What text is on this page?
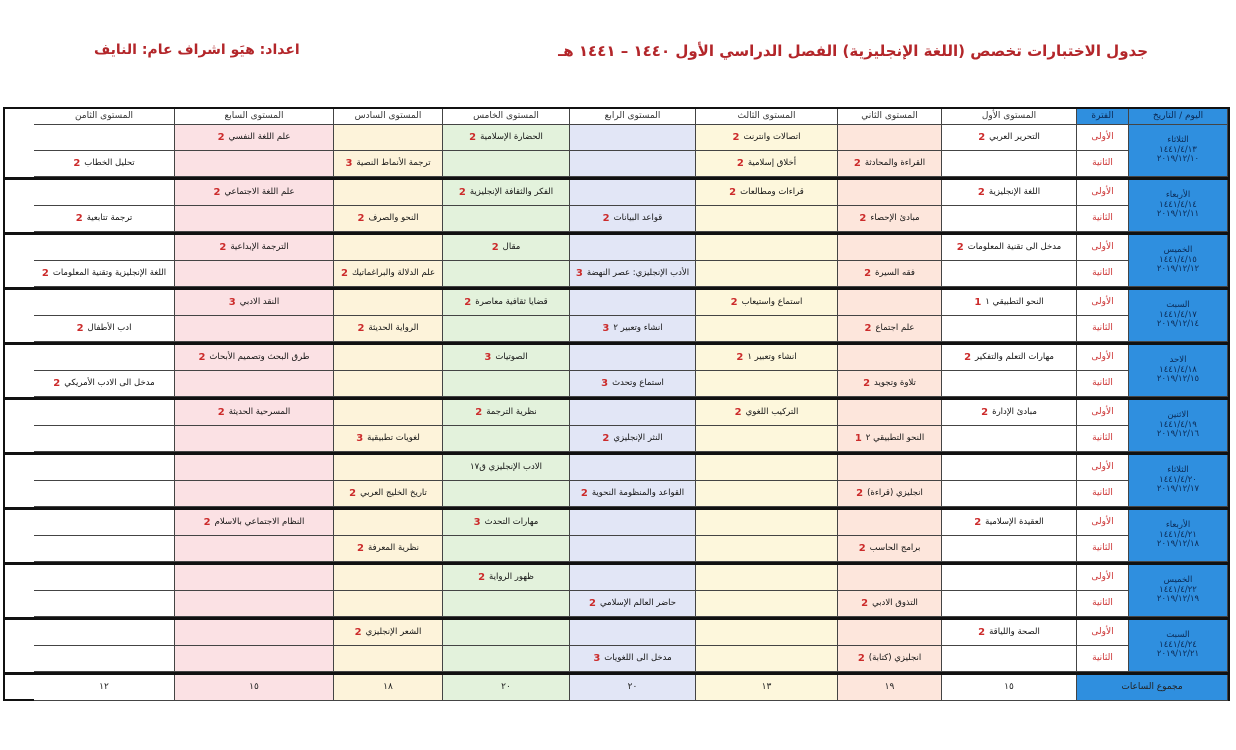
اعداد: هيَو اشراف عام: النايف	جدول الاختبارات تخصص (اللغة الإنجليزية) الفصل الدراسي الأول ١٤٤٠ – ١٤٤١ هـ
اليوم / التاريخ
الفترة
المستوى الأول
المستوى الثاني
المستوى الثالث
المستوى الرابع
المستوى الخامس
المستوى السادس
المستوى السابع
المستوى الثامن
الثلاثاء
١٤٤١/٤/١٣
٢٠١٩/١٢/١٠
الأولى
التحرير العربي
2
اتصالات وانترنت
2
الحضارة الإسلامية
2
علم اللغة النفسي
2
الثانية
القراءة والمحادثة
2
أخلاق إسلامية
2
ترجمة الأنماط النصية
3
تحليل الخطاب
2
الأربعاء
١٤٤١/٤/١٤
٢٠١٩/١٢/١١
الأولى
اللغة الإنجليزية
2
قراءات ومطالعات
2
الفكر والثقافة الإنجليزية
2
علم اللغة الاجتماعي
2
الثانية
مبادئ الإحصاء
2
قواعد البيانات
2
النحو والصرف
2
ترجمة تتابعية
2
الخميس
١٤٤١/٤/١٥
٢٠١٩/١٢/١٢
الأولى
مدخل الى تقنية المعلومات
2
مقال
2
الترجمة الإبداعية
2
الثانية
فقه السيرة
2
الأدب الإنجليزي: عصر النهضة
3
علم الدلالة والبراغماتيك
2
اللغة الإنجليزية وتقنية المعلومات
2
السبت
١٤٤١/٤/١٧
٢٠١٩/١٢/١٤
الأولى
النحو التطبيقي ١
1
استماع واستيعاب
2
قضايا ثقافية معاصرة
2
النقد الادبي
3
الثانية
علم اجتماع
2
انشاء وتعبير ٢
3
الرواية الحديثة
2
ادب الأطفال
2
الاحد
١٤٤١/٤/١٨
٢٠١٩/١٢/١٥
الأولى
مهارات التعلم والتفكير
2
انشاء وتعبير ١
2
الصوتيات
3
طرق البحث وتصميم الأبحاث
2
الثانية
تلاوة وتجويد
2
استماع وتحدث
3
مدخل الى الادب الأمريكي
2
الاثنين
١٤٤١/٤/١٩
٢٠١٩/١٢/١٦
الأولى
مبادئ الإدارة
2
التركيب اللغوي
2
نظرية الترجمة
2
المسرحية الحديثة
2
الثانية
النحو التطبيقي ٢
1
النثر الإنجليزي
2
لغويات تطبيقية
3
الثلاثاء
١٤٤١/٤/٢٠
٢٠١٩/١٢/١٧
الأولى
الادب الإنجليزي ق١٧
الثانية
انجليزي (قراءة)
2
القواعد والمنظومة النحوية
2
تاريخ الخليج العربي
2
الأربعاء
١٤٤١/٤/٢١
٢٠١٩/١٢/١٨
الأولى
العقيدة الإسلامية
2
مهارات التحدث
3
النظام الاجتماعي بالاسلام
2
الثانية
برامج الحاسب
2
نظرية المعرفة
2
الخميس
١٤٤١/٤/٢٢
٢٠١٩/١٢/١٩
الأولى
ظهور الرواية
2
الثانية
التذوق الادبي
2
حاضر العالم الإسلامي
2
السبت
١٤٤١/٤/٢٤
٢٠١٩/١٢/٢١
الأولى
الصحة واللياقة
2
الشعر الإنجليزي
2
الثانية
انجليزي (كتابة)
2
مدخل الى اللغويات
3
مجموع الساعات
١٥
١٩
١٣
٢٠
٢٠
١٨
١٥
١٢
